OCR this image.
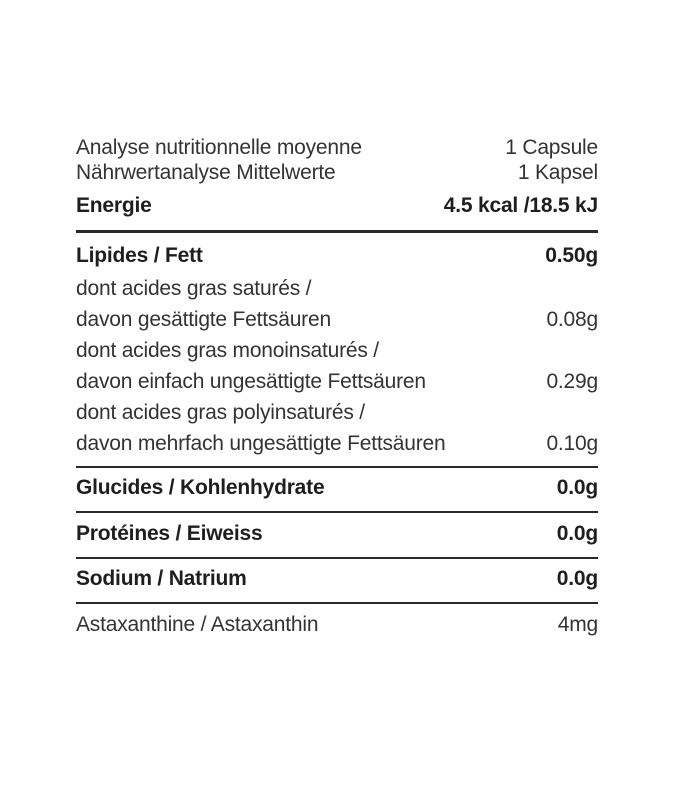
Analyse nutritionnelle moyenne	1 Capsule
Nährwertanalyse Mittelwerte	1 Kapsel
Energie	4.5 kcal /18.5 kJ
Lipides / Fett	0.50g
dont acides gras saturés /
davon gesättigte Fettsäuren	0.08g
dont acides gras monoinsaturés /
davon einfach ungesättigte Fettsäuren	0.29g
dont acides gras polyinsaturés /
davon mehrfach ungesättigte Fettsäuren	0.10g
Glucides / Kohlenhydrate	0.0g
Protéines / Eiweiss	0.0g
Sodium / Natrium	0.0g
Astaxanthine / Astaxanthin	4mg
